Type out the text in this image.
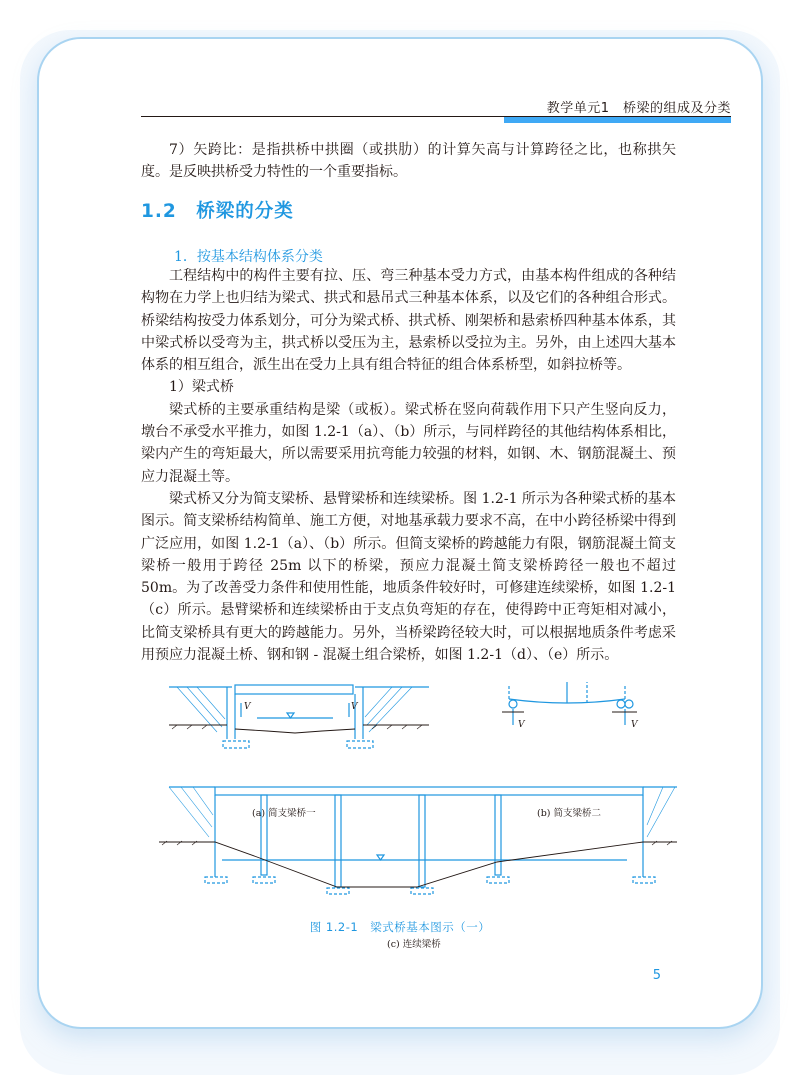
教学单元1　桥梁的组成及分类

7）矢跨比：是指拱桥中拱圈（或拱肋）的计算矢高与计算跨径之比，也称拱矢度。是反映拱桥受力特性的一个重要指标。

1.2　桥梁的分类
1．按基本结构体系分类

工程结构中的构件主要有拉、压、弯三种基本受力方式，由基本构件组成的各种结构物在力学上也归结为梁式、拱式和悬吊式三种基本体系，以及它们的各种组合形式。桥梁结构按受力体系划分，可分为梁式桥、拱式桥、刚架桥和悬索桥四种基本体系，其中梁式桥以受弯为主，拱式桥以受压为主，悬索桥以受拉为主。另外，由上述四大基本体系的相互组合，派生出在受力上具有组合特征的组合体系桥型，如斜拉桥等。

1）梁式桥

梁式桥的主要承重结构是梁（或板）。梁式桥在竖向荷载作用下只产生竖向反力，墩台不承受水平推力，如图 1.2-1（a）、（b）所示，与同样跨径的其他结构体系相比，梁内产生的弯矩最大，所以需要采用抗弯能力较强的材料，如钢、木、钢筋混凝土、预应力混凝土等。

梁式桥又分为简支梁桥、悬臂梁桥和连续梁桥。图 1.2-1 所示为各种梁式桥的基本图示。简支梁桥结构简单、施工方便，对地基承载力要求不高，在中小跨径桥梁中得到广泛应用，如图 1.2-1（a）、（b）所示。但简支梁桥的跨越能力有限，钢筋混凝土简支梁桥一般用于跨径 25m 以下的桥梁，预应力混凝土简支梁桥跨径一般也不超过 50m。为了改善受力条件和使用性能，地质条件较好时，可修建连续梁桥，如图 1.2-1（c）所示。悬臂梁桥和连续梁桥由于支点负弯矩的存在，使得跨中正弯矩相对减小，比简支梁桥具有更大的跨越能力。另外，当桥梁跨径较大时，可以根据地质条件考虑采用预应力混凝土桥、钢和钢 - 混凝土组合梁桥，如图 1.2-1（d）、（e）所示。

V	V
V	V
(a) 简支梁桥一	(b) 简支梁桥二
(c) 连续梁桥
图 1.2-1　梁式桥基本图示（一）
5
